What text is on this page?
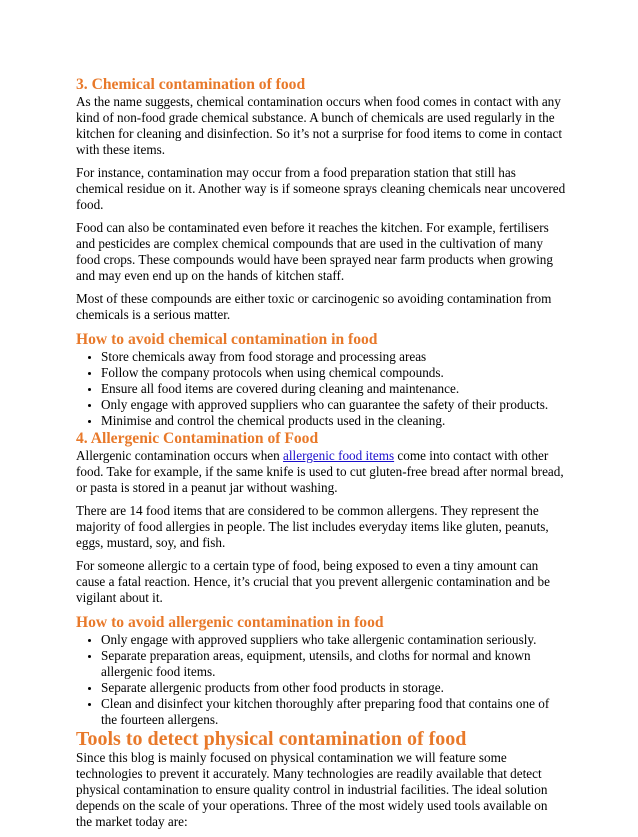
3. Chemical contamination of food

As the name suggests, chemical contamination occurs when food comes in contact with any kind of non-food grade chemical substance. A bunch of chemicals are used regularly in the kitchen for cleaning and disinfection. So it’s not a surprise for food items to come in contact with these items.

For instance, contamination may occur from a food preparation station that still has chemical residue on it. Another way is if someone sprays cleaning chemicals near uncovered food.

Food can also be contaminated even before it reaches the kitchen. For example, fertilisers and pesticides are complex chemical compounds that are used in the cultivation of many food crops. These compounds would have been sprayed near farm products when growing and may even end up on the hands of kitchen staff.

Most of these compounds are either toxic or carcinogenic so avoiding contamination from chemicals is a serious matter.

How to avoid chemical contamination in food
• Store chemicals away from food storage and processing areas
• Follow the company protocols when using chemical compounds.
• Ensure all food items are covered during cleaning and maintenance.
• Only engage with approved suppliers who can guarantee the safety of their products.
• Minimise and control the chemical products used in the cleaning.
4. Allergenic Contamination of Food

Allergenic contamination occurs when allergenic food items come into contact with other food. Take for example, if the same knife is used to cut gluten-free bread after normal bread, or pasta is stored in a peanut jar without washing.

There are 14 food items that are considered to be common allergens. They represent the majority of food allergies in people. The list includes everyday items like gluten, peanuts, eggs, mustard, soy, and fish.

For someone allergic to a certain type of food, being exposed to even a tiny amount can cause a fatal reaction. Hence, it’s crucial that you prevent allergenic contamination and be vigilant about it.

How to avoid allergenic contamination in food
• Only engage with approved suppliers who take allergenic contamination seriously.
• Separate preparation areas, equipment, utensils, and cloths for normal and known allergenic food items.
• Separate allergenic products from other food products in storage.
• Clean and disinfect your kitchen thoroughly after preparing food that contains one of the fourteen allergens.
Tools to detect physical contamination of food

Since this blog is mainly focused on physical contamination we will feature some technologies to prevent it accurately. Many technologies are readily available that detect physical contamination to ensure quality control in industrial facilities. The ideal solution depends on the scale of your operations. Three of the most widely used tools available on the market today are:
